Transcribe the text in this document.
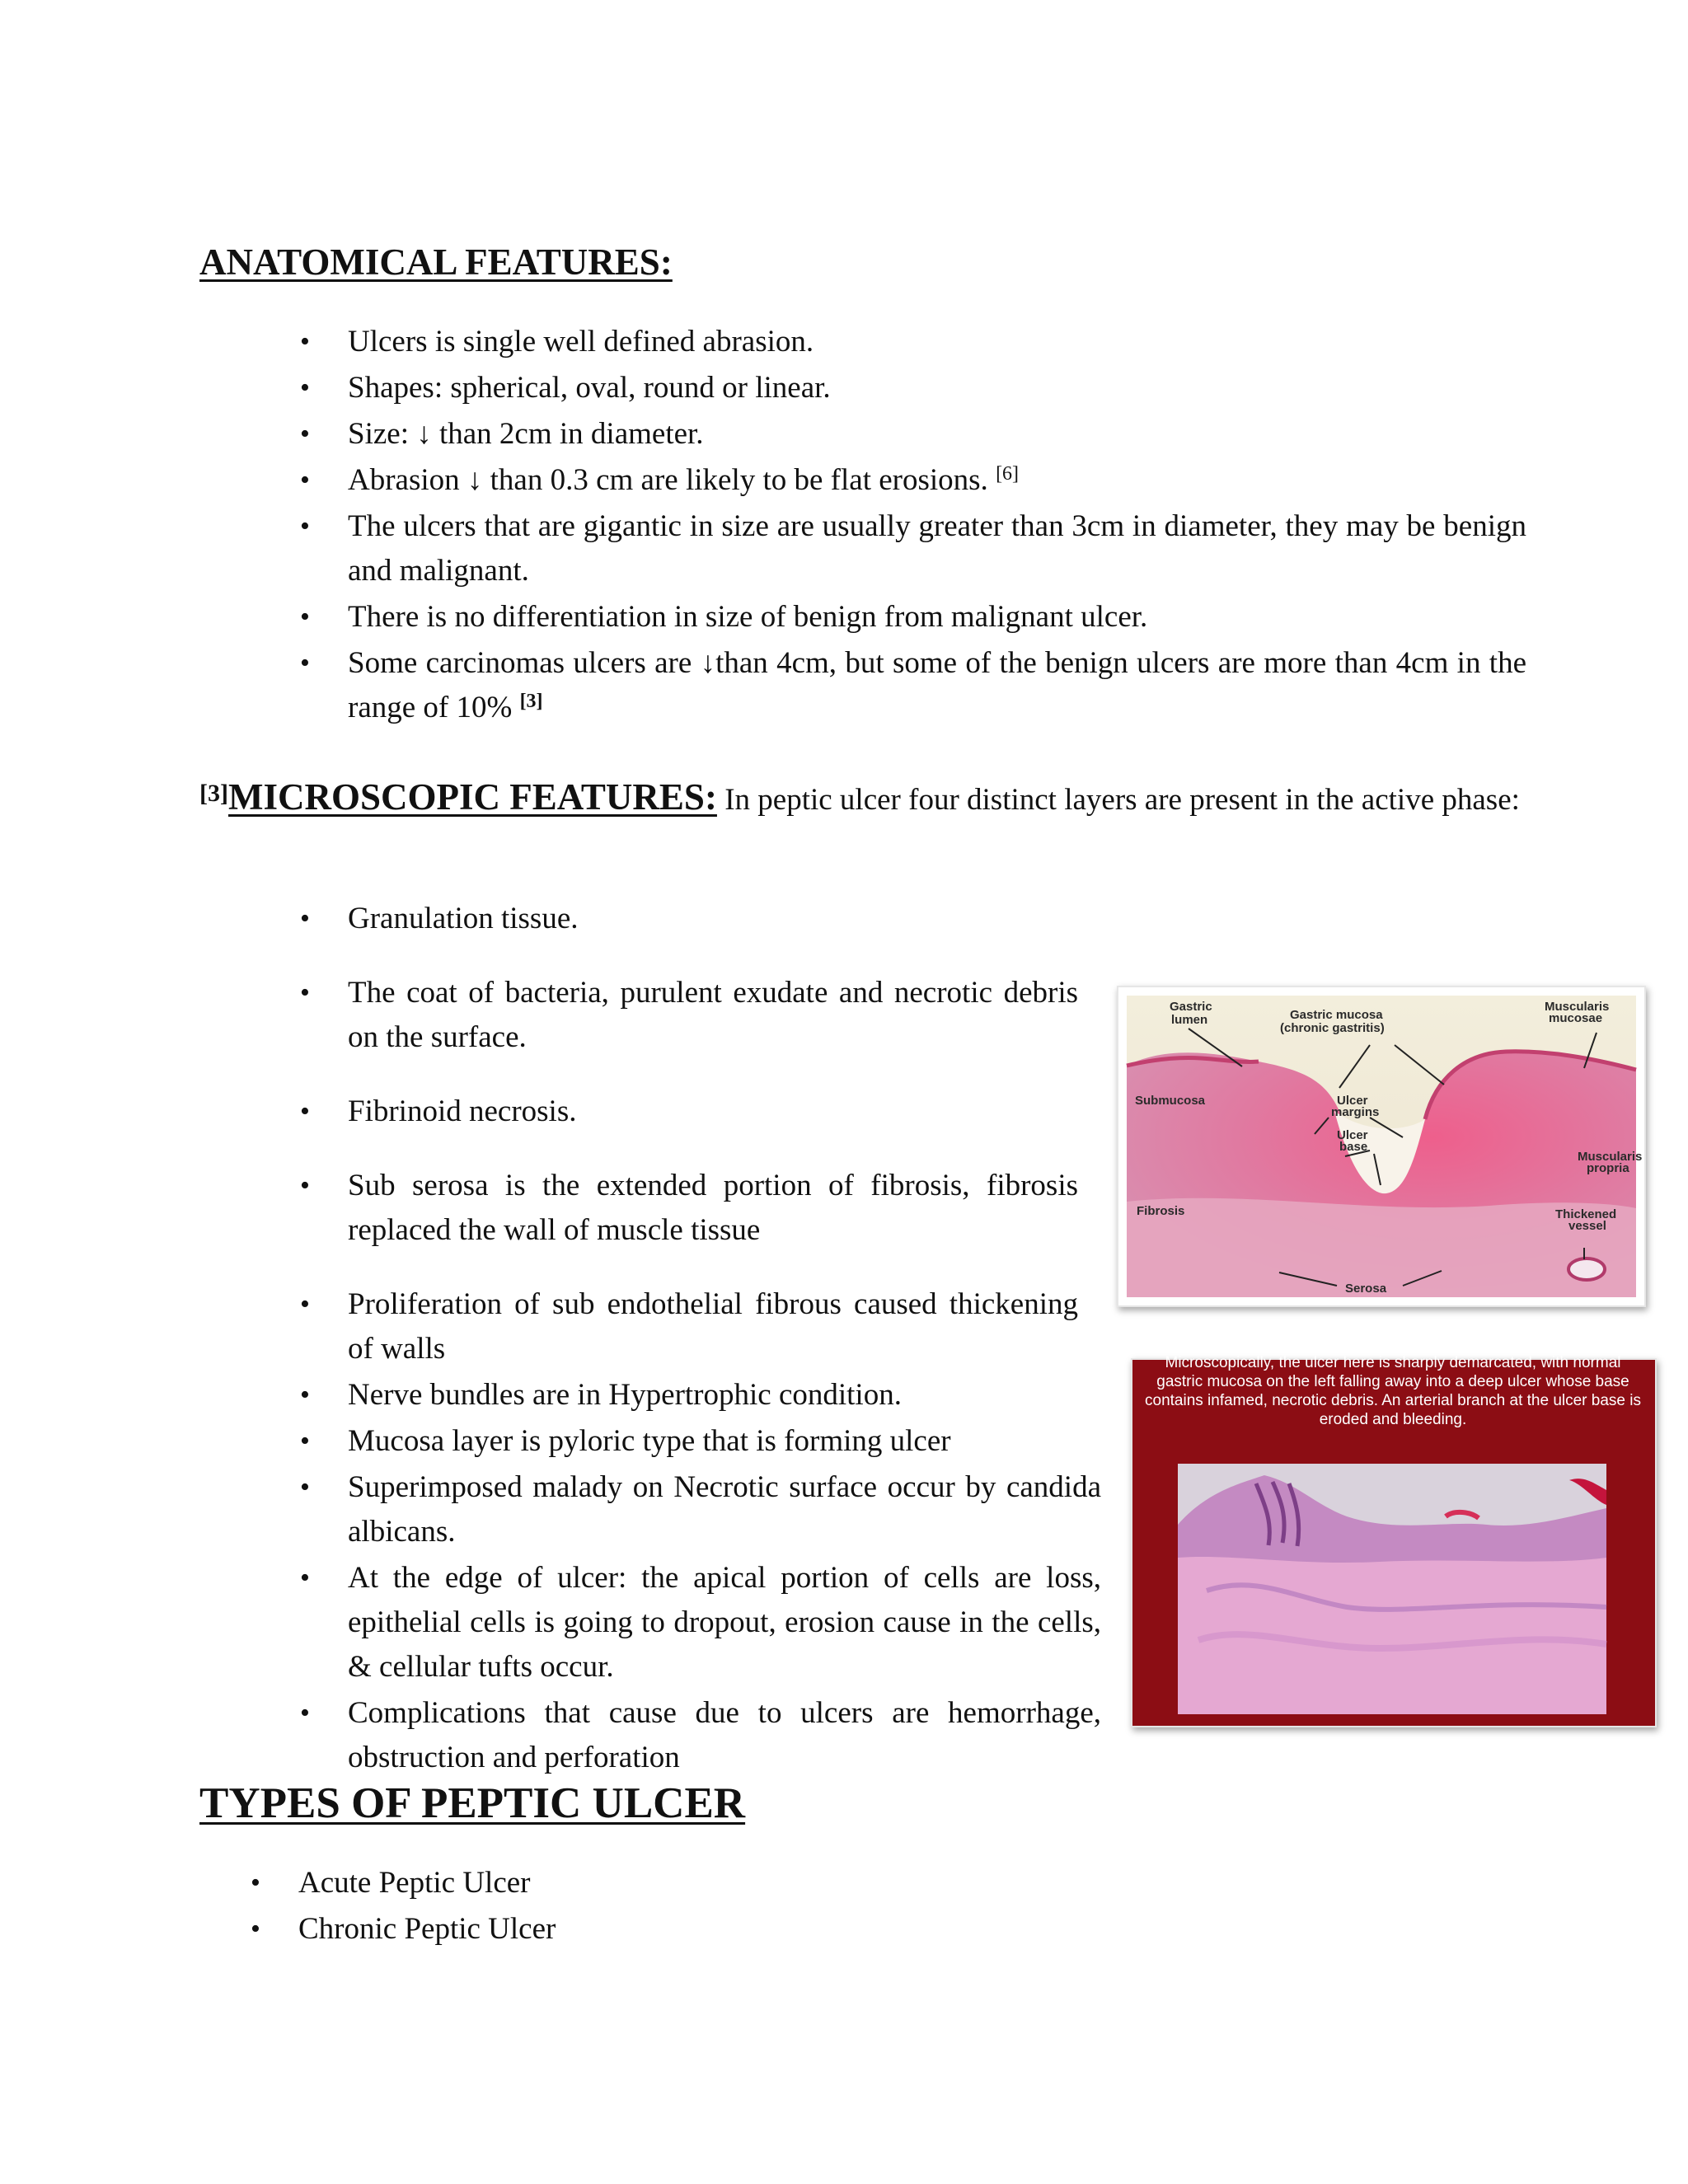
ANATOMICAL FEATURES:
• Ulcers is single well defined abrasion.
• Shapes: spherical, oval, round or linear.
• Size: ↓ than 2cm in diameter.
• Abrasion ↓ than 0.3 cm are likely to be flat erosions. [6]
• The ulcers that are gigantic in size are usually greater than 3cm in diameter, they may be benign and malignant.
• There is no differentiation in size of benign from malignant ulcer.
• Some carcinomas ulcers are ↓than 4cm, but some of the benign ulcers are more than 4cm in the range of 10% [3]
[3]MICROSCOPIC FEATURES: In peptic ulcer four distinct layers are present in the active phase:
• Granulation tissue.
• The coat of bacteria, purulent exudate and necrotic debris on the surface.
• Fibrinoid necrosis.
• Sub serosa is the extended portion of fibrosis, fibrosis replaced the wall of muscle tissue
• Proliferation of sub endothelial fibrous caused thickening of walls
• Nerve bundles are in Hypertrophic condition.
• Mucosa layer is pyloric type that is forming ulcer
• Superimposed malady on Necrotic surface occur by candida albicans.
• At the edge of ulcer: the apical portion of cells are loss, epithelial cells is going to dropout, erosion cause in the cells, & cellular tufts occur.
• Complications that cause due to ulcers are hemorrhage, obstruction and perforation
Gastric
lumen	Gastric mucosa
(chronic gastritis)
Muscularis
mucosae
Submucosa	Ulcer
margins
Ulcer
base
Muscularis
propria
Fibrosis	Thickened
vessel
Serosa
Microscopically, the ulcer here is sharply demarcated, with normal gastric mucosa on the left falling away into a deep ulcer whose base contains infamed, necrotic debris. An arterial branch at the ulcer base is eroded and bleeding.
TYPES OF PEPTIC ULCER
• Acute Peptic Ulcer
• Chronic Peptic Ulcer
